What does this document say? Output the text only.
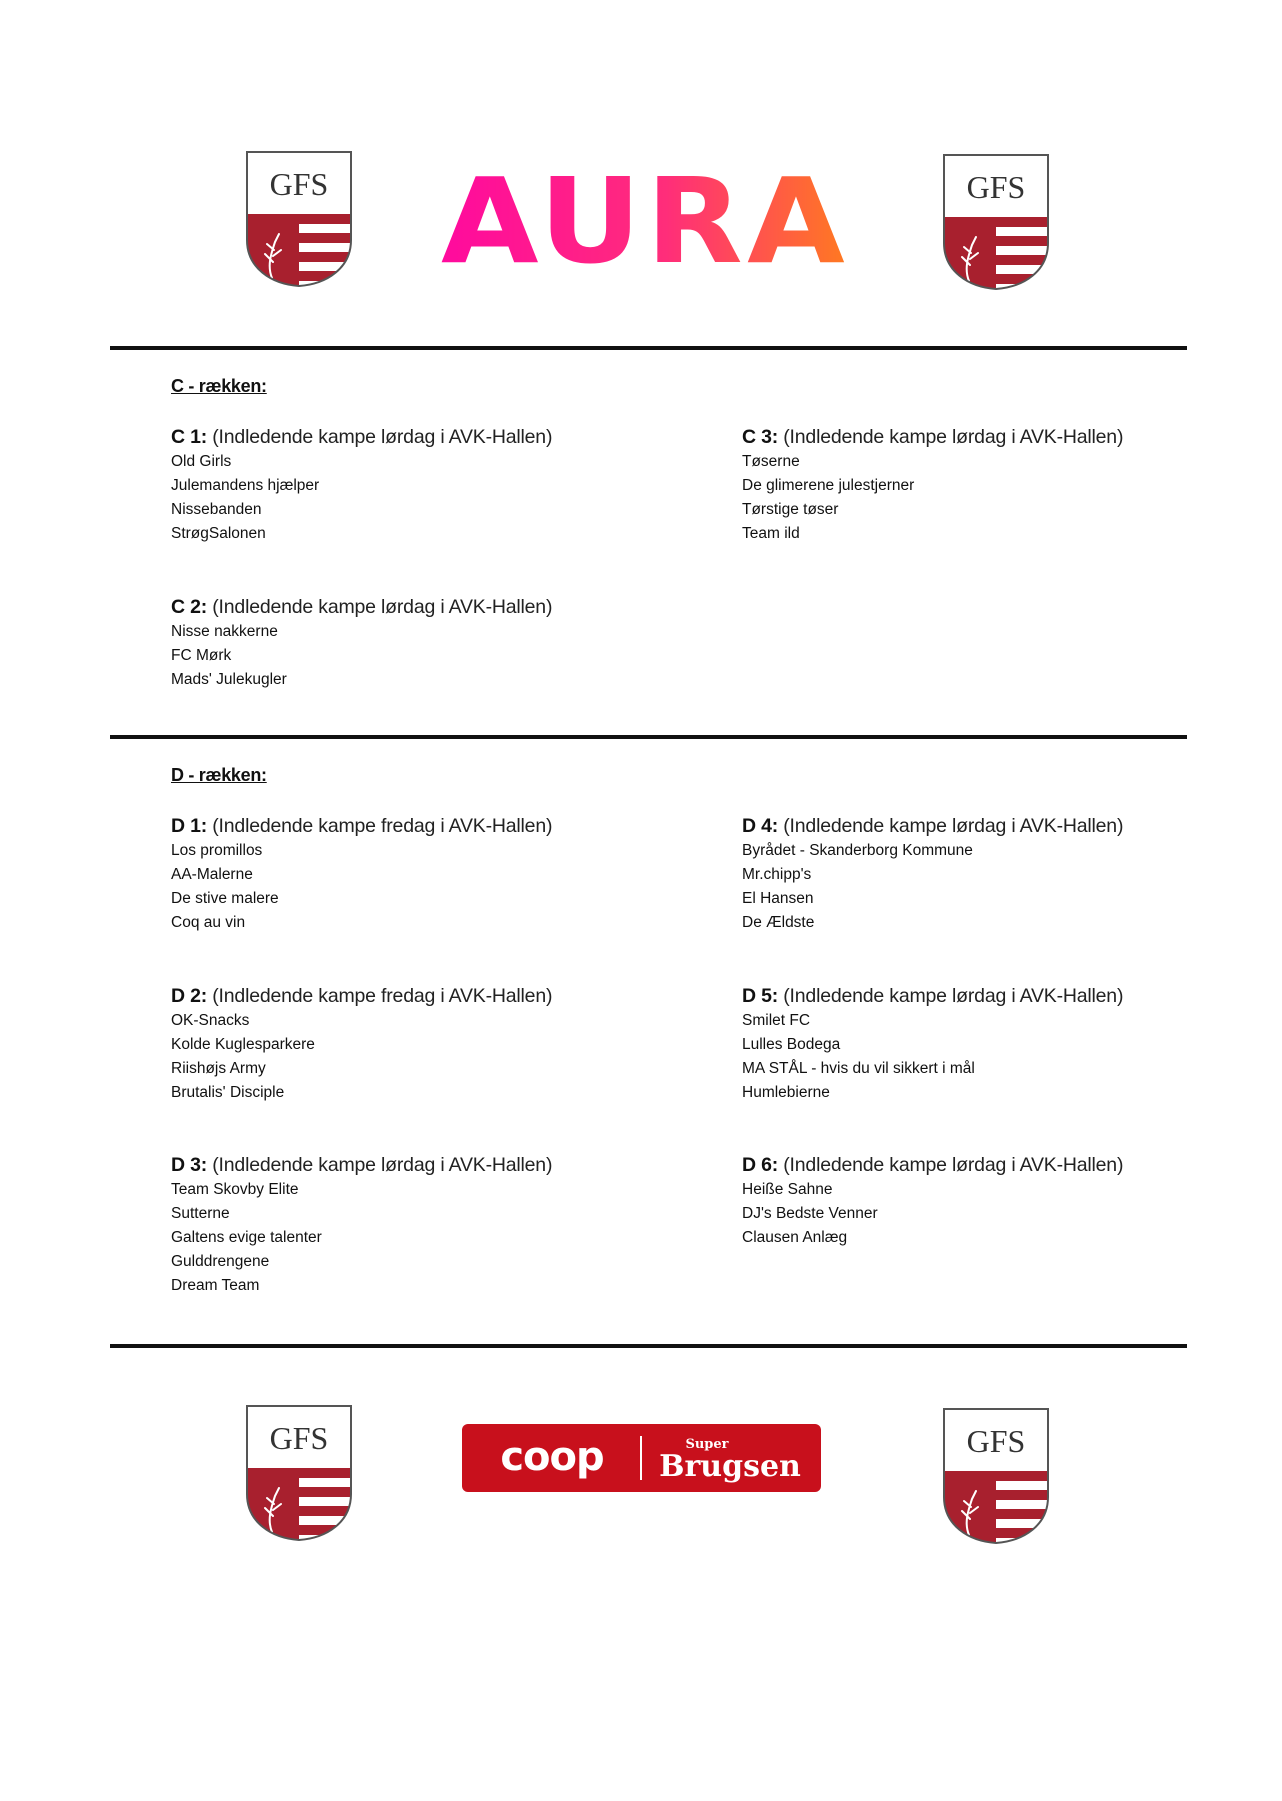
GFS AURA	GFS
C - rækken:
C 1: (Indledende kampe lørdag i AVK-Hallen)
Old Girls
Julemandens hjælper
Nissebanden
StrøgSalonen
C 3: (Indledende kampe lørdag i AVK-Hallen)
Tøserne
De glimerene julestjerner
Tørstige tøser
Team ild
C 2: (Indledende kampe lørdag i AVK-Hallen)
Nisse nakkerne
FC Mørk
Mads' Julekugler
D - rækken:
D 1: (Indledende kampe fredag i AVK-Hallen)
Los promillos
AA-Malerne
De stive malere
Coq au vin
D 4: (Indledende kampe lørdag i AVK-Hallen)
Byrådet - Skanderborg Kommune
Mr.chipp's
El Hansen
De Ældste
D 2: (Indledende kampe fredag i AVK-Hallen)
OK-Snacks
Kolde Kuglesparkere
Riishøjs Army
Brutalis' Disciple
D 5: (Indledende kampe lørdag i AVK-Hallen)
Smilet FC
Lulles Bodega
MA STÅL - hvis du vil sikkert i mål
Humlebierne
D 3: (Indledende kampe lørdag i AVK-Hallen)
Team Skovby Elite
Sutterne
Galtens evige talenter
Gulddrengene
Dream Team
D 6: (Indledende kampe lørdag i AVK-Hallen)
Heiße Sahne
DJ's Bedste Venner
Clausen Anlæg
GFS	coop	Super
Brugsen
GFS
